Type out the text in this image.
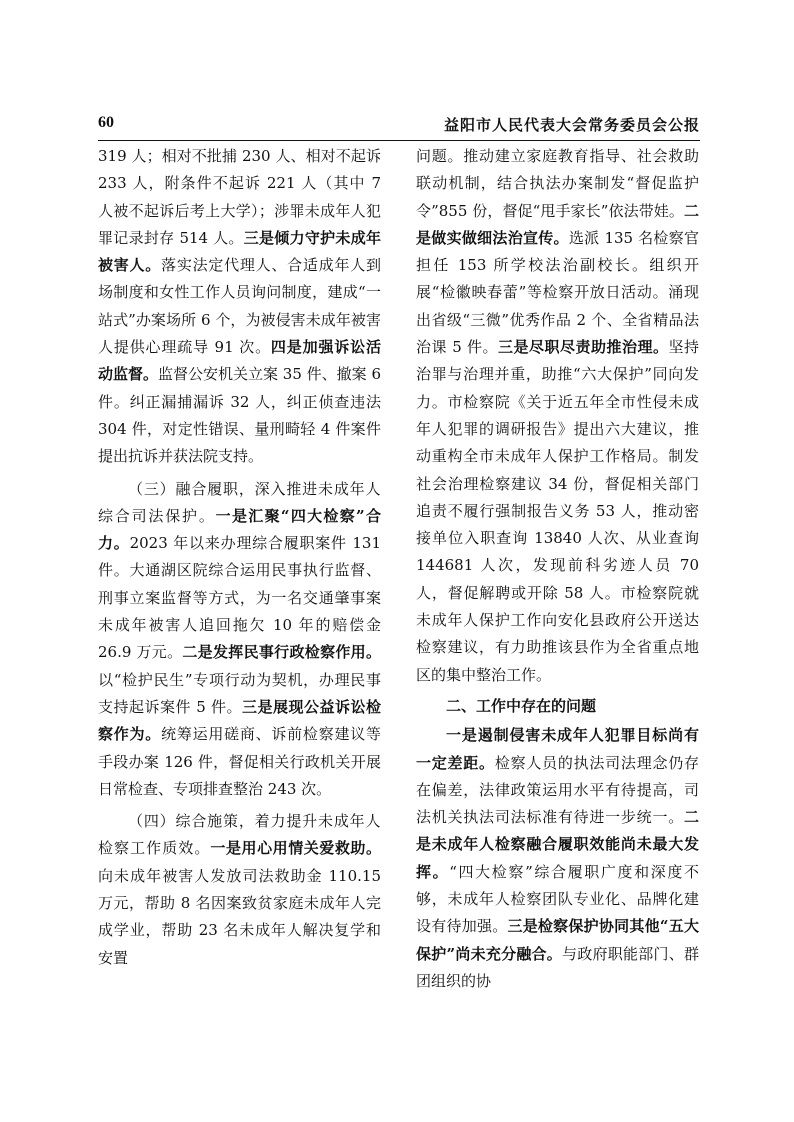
60	益阳市人民代表大会常务委员会公报

319 人；相对不批捕 230 人、相对不起诉 233 人，附条件不起诉 221 人（其中 7 人被不起诉后考上大学）；涉罪未成年人犯罪记录封存 514 人。三是倾力守护未成年被害人。落实法定代理人、合适成年人到场制度和女性工作人员询问制度，建成“一站式”办案场所 6 个，为被侵害未成年被害人提供心理疏导 91 次。四是加强诉讼活动监督。监督公安机关立案 35 件、撤案 6 件。纠正漏捕漏诉 32 人，纠正侦查违法 304 件，对定性错误、量刑畸轻 4 件案件提出抗诉并获法院支持。

（三）融合履职，深入推进未成年人综合司法保护。一是汇聚“四大检察”合力。2023 年以来办理综合履职案件 131 件。大通湖区院综合运用民事执行监督、刑事立案监督等方式，为一名交通肇事案未成年被害人追回拖欠 10 年的赔偿金 26.9 万元。二是发挥民事行政检察作用。以“检护民生”专项行动为契机，办理民事支持起诉案件 5 件。三是展现公益诉讼检察作为。统筹运用磋商、诉前检察建议等手段办案 126 件，督促相关行政机关开展日常检查、专项排查整治 243 次。

（四）综合施策，着力提升未成年人检察工作质效。一是用心用情关爱救助。向未成年被害人发放司法救助金 110.15 万元，帮助 8 名因案致贫家庭未成年人完成学业，帮助 23 名未成年人解决复学和安置

问题。推动建立家庭教育指导、社会救助联动机制，结合执法办案制发“督促监护令”855 份，督促“甩手家长”依法带娃。二是做实做细法治宣传。选派 135 名检察官担任 153 所学校法治副校长。组织开展“检徽映春蕾”等检察开放日活动。涌现出省级“三微”优秀作品 2 个、全省精品法治课 5 件。三是尽职尽责助推治理。坚持治罪与治理并重，助推“六大保护”同向发力。市检察院《关于近五年全市性侵未成年人犯罪的调研报告》提出六大建议，推动重构全市未成年人保护工作格局。制发社会治理检察建议 34 份，督促相关部门追责不履行强制报告义务 53 人，推动密接单位入职查询 13840 人次、从业查询 144681 人次，发现前科劣迹人员 70 人，督促解聘或开除 58 人。市检察院就未成年人保护工作向安化县政府公开送达检察建议，有力助推该县作为全省重点地区的集中整治工作。

二、工作中存在的问题

一是遏制侵害未成年人犯罪目标尚有一定差距。检察人员的执法司法理念仍存在偏差，法律政策运用水平有待提高，司法机关执法司法标准有待进一步统一。二是未成年人检察融合履职效能尚未最大发挥。“四大检察”综合履职广度和深度不够，未成年人检察团队专业化、品牌化建设有待加强。三是检察保护协同其他“五大保护”尚未充分融合。与政府职能部门、群团组织的协
